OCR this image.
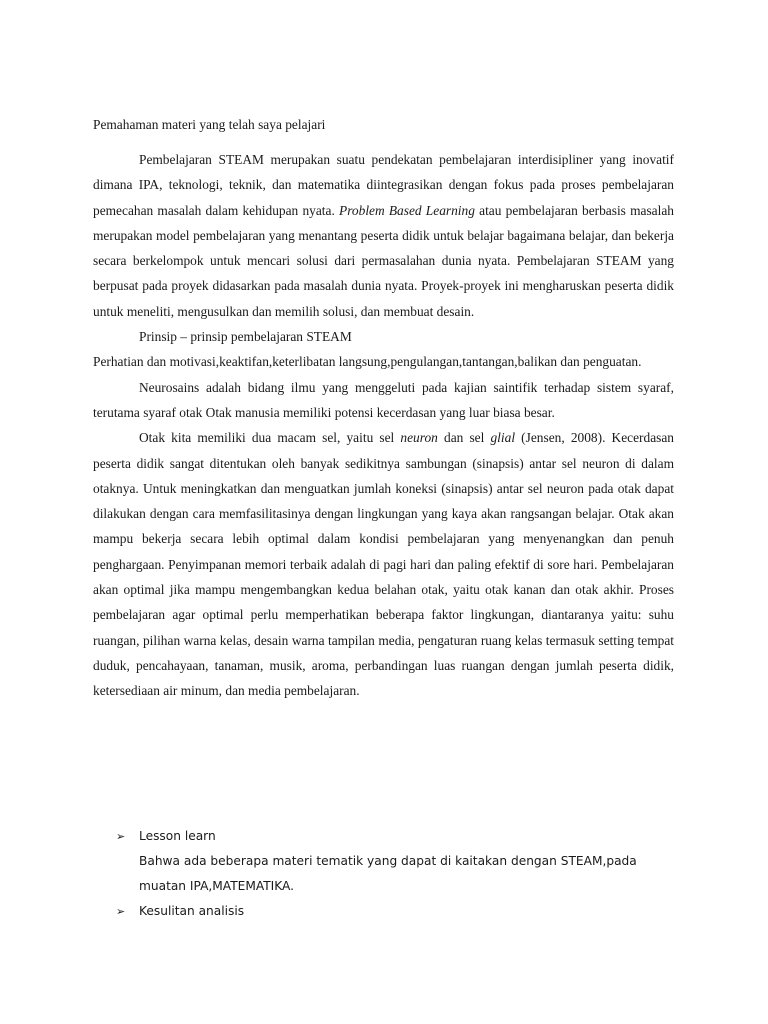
Pemahaman materi yang telah saya pelajari

Pembelajaran STEAM merupakan suatu pendekatan pembelajaran interdisipliner yang inovatif dimana IPA, teknologi, teknik, dan matematika diintegrasikan dengan fokus pada proses pembelajaran pemecahan masalah dalam kehidupan nyata. Problem Based Learning atau pembelajaran berbasis masalah merupakan model pembelajaran yang menantang peserta didik untuk belajar bagaimana belajar, dan bekerja secara berkelompok untuk mencari solusi dari permasalahan dunia nyata. Pembelajaran STEAM yang berpusat pada proyek didasarkan pada masalah dunia nyata. Proyek-proyek ini mengharuskan peserta didik untuk meneliti, mengusulkan dan memilih solusi, dan membuat desain.

Prinsip – prinsip pembelajaran STEAM

Perhatian dan motivasi,keaktifan,keterlibatan langsung,pengulangan,tantangan,balikan dan penguatan.

Neurosains adalah bidang ilmu yang menggeluti pada kajian saintifik terhadap sistem syaraf, terutama syaraf otak Otak manusia memiliki potensi kecerdasan yang luar biasa besar.

Otak kita memiliki dua macam sel, yaitu sel neuron dan sel glial (Jensen, 2008). Kecerdasan peserta didik sangat ditentukan oleh banyak sedikitnya sambungan (sinapsis) antar sel neuron di dalam otaknya. Untuk meningkatkan dan menguatkan jumlah koneksi (sinapsis) antar sel neuron pada otak dapat dilakukan dengan cara memfasilitasinya dengan lingkungan yang kaya akan rangsangan belajar. Otak akan mampu bekerja secara lebih optimal dalam kondisi pembelajaran yang menyenangkan dan penuh penghargaan. Penyimpanan memori terbaik adalah di pagi hari dan paling efektif di sore hari. Pembelajaran akan optimal jika mampu mengembangkan kedua belahan otak, yaitu otak kanan dan otak akhir. Proses pembelajaran agar optimal perlu memperhatikan beberapa faktor lingkungan, diantaranya yaitu: suhu ruangan, pilihan warna kelas, desain warna tampilan media, pengaturan ruang kelas termasuk setting tempat duduk, pencahayaan, tanaman, musik, aroma, perbandingan luas ruangan dengan jumlah peserta didik, ketersediaan air minum, dan media pembelajaran.

➢	Lesson learn
Bahwa ada beberapa materi tematik yang dapat di kaitakan dengan STEAM,pada muatan IPA,MATEMATIKA.
➢	Kesulitan analisis
